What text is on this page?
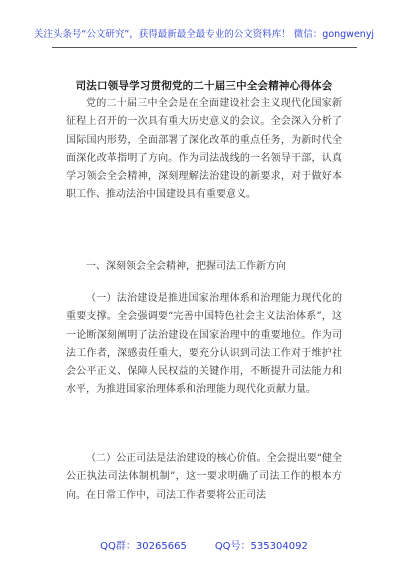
关注头条号“公文研究”，获得最新最全最专业的公文资料库！ 微信：gongwenyj
司法口领导学习贯彻党的二十届三中全会精神心得体会

党的二十届三中全会是在全面建设社会主义现代化国家新征程上召开的一次具有重大历史意义的会议。全会深入分析了国际国内形势，全面部署了深化改革的重点任务，为新时代全面深化改革指明了方向。作为司法战线的一名领导干部，认真学习领会全会精神，深刻理解法治建设的新要求，对于做好本职工作、推动法治中国建设具有重要意义。

一、深刻领会全会精神，把握司法工作新方向

（一）法治建设是推进国家治理体系和治理能力现代化的重要支撑。全会强调要“完善中国特色社会主义法治体系”，这一论断深刻阐明了法治建设在国家治理中的重要地位。作为司法工作者，深感责任重大，要充分认识到司法工作对于维护社会公平正义、保障人民权益的关键作用，不断提升司法能力和水平，为推进国家治理体系和治理能力现代化贡献力量。

（二）公正司法是法治建设的核心价值。全会提出要“健全公正执法司法体制机制”，这一要求明确了司法工作的根本方向。在日常工作中，司法工作者要将公正司法

QQ群：30265665	QQ号：535304092
